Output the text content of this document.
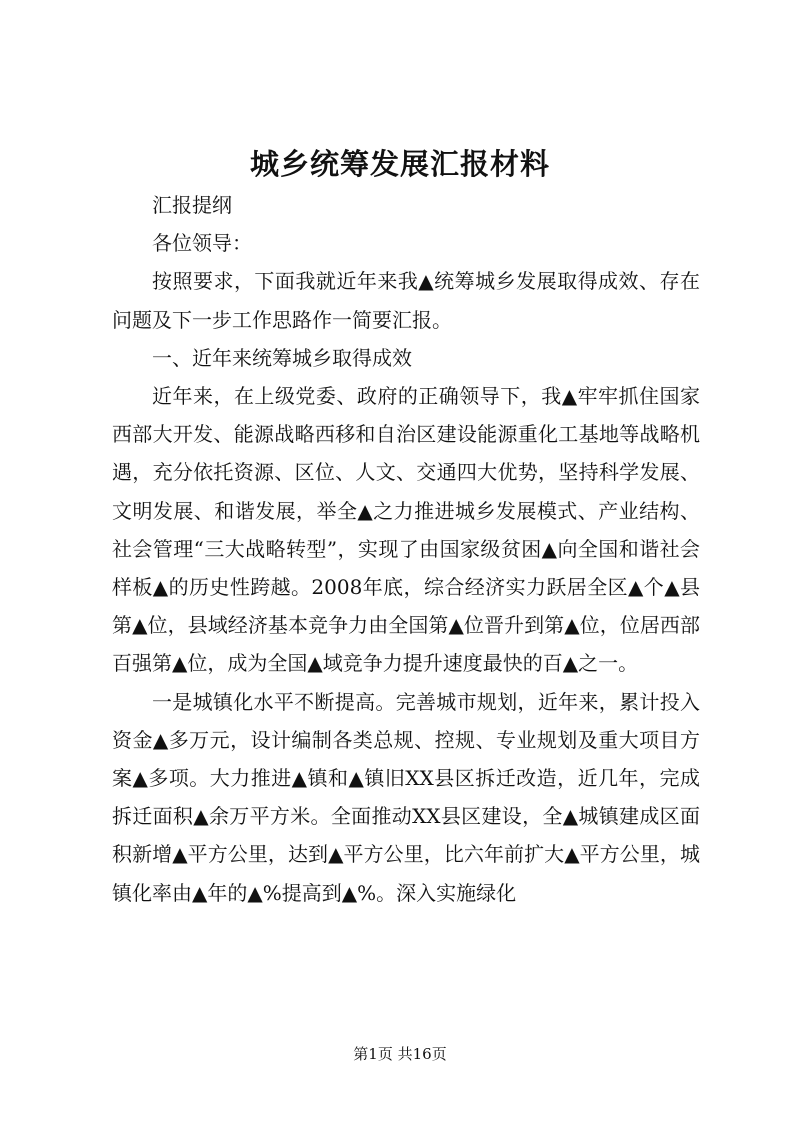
城乡统筹发展汇报材料

汇报提纲

各位领导：

按照要求，下面我就近年来我▲统筹城乡发展取得成效、存在问题及下一步工作思路作一简要汇报。

一、近年来统筹城乡取得成效

近年来，在上级党委、政府的正确领导下，我▲牢牢抓住国家西部大开发、能源战略西移和自治区建设能源重化工基地等战略机遇，充分依托资源、区位、人文、交通四大优势，坚持科学发展、文明发展、和谐发展，举全▲之力推进城乡发展模式、产业结构、社会管理“三大战略转型”，实现了由国家级贫困▲向全国和谐社会样板▲的历史性跨越。2008年底，综合经济实力跃居全区▲个▲县第▲位，县域经济基本竞争力由全国第▲位晋升到第▲位，位居西部百强第▲位，成为全国▲域竞争力提升速度最快的百▲之一。

一是城镇化水平不断提高。完善城市规划，近年来，累计投入资金▲多万元，设计编制各类总规、控规、专业规划及重大项目方案▲多项。大力推进▲镇和▲镇旧XX县区拆迁改造，近几年，完成拆迁面积▲余万平方米。全面推动XX县区建设，全▲城镇建成区面积新增▲平方公里，达到▲平方公里，比六年前扩大▲平方公里，城镇化率由▲年的▲%提高到▲%。深入实施绿化

第1页 共16页
